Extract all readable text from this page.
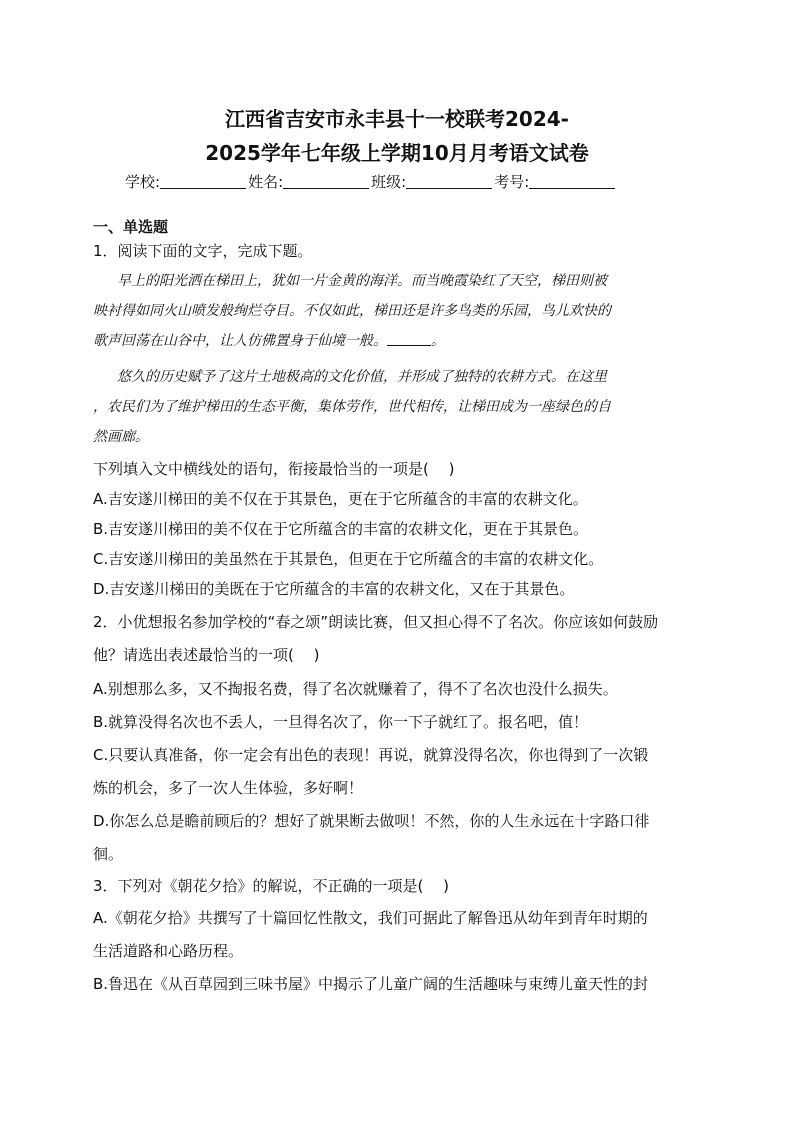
江西省吉安市永丰县十一校联考2024-
2025学年七年级上学期10月月考语文试卷
学校:	姓名:	班级:	考号:
一、单选题
1．阅读下面的文字，完成下题。
早上的阳光洒在梯田上，犹如一片金黄的海洋。而当晚霞染红了天空，梯田则被
映衬得如同火山喷发般绚烂夺目。不仅如此，梯田还是许多鸟类的乐园，鸟儿欢快的
歌声回荡在山谷中，让人仿佛置身于仙境一般。	。
悠久的历史赋予了这片土地极高的文化价值，并形成了独特的农耕方式。在这里
，农民们为了维护梯田的生态平衡，集体劳作，世代相传，让梯田成为一座绿色的自
然画廊。
下列填入文中横线处的语句，衔接最恰当的一项是(　 )
A.吉安遂川梯田的美不仅在于其景色，更在于它所蕴含的丰富的农耕文化。
B.吉安遂川梯田的美不仅在于它所蕴含的丰富的农耕文化，更在于其景色。
C.吉安遂川梯田的美虽然在于其景色，但更在于它所蕴含的丰富的农耕文化。
D.吉安遂川梯田的美既在于它所蕴含的丰富的农耕文化，又在于其景色。
2．小优想报名参加学校的“春之颂”朗读比赛，但又担心得不了名次。你应该如何鼓励
他？请选出表述最恰当的一项(　 )
A.别想那么多，又不掏报名费，得了名次就赚着了，得不了名次也没什么损失。
B.就算没得名次也不丢人，一旦得名次了，你一下子就红了。报名吧，值！
C.只要认真准备，你一定会有出色的表现！再说，就算没得名次，你也得到了一次锻
炼的机会，多了一次人生体验，多好啊！
D.你怎么总是瞻前顾后的？想好了就果断去做呗！不然，你的人生永远在十字路口徘
徊。
3．下列对《朝花夕拾》的解说，不正确的一项是(　 )
A.《朝花夕拾》共撰写了十篇回忆性散文，我们可据此了解鲁迅从幼年到青年时期的
生活道路和心路历程。
B.鲁迅在《从百草园到三味书屋》中揭示了儿童广阔的生活趣味与束缚儿童天性的封
